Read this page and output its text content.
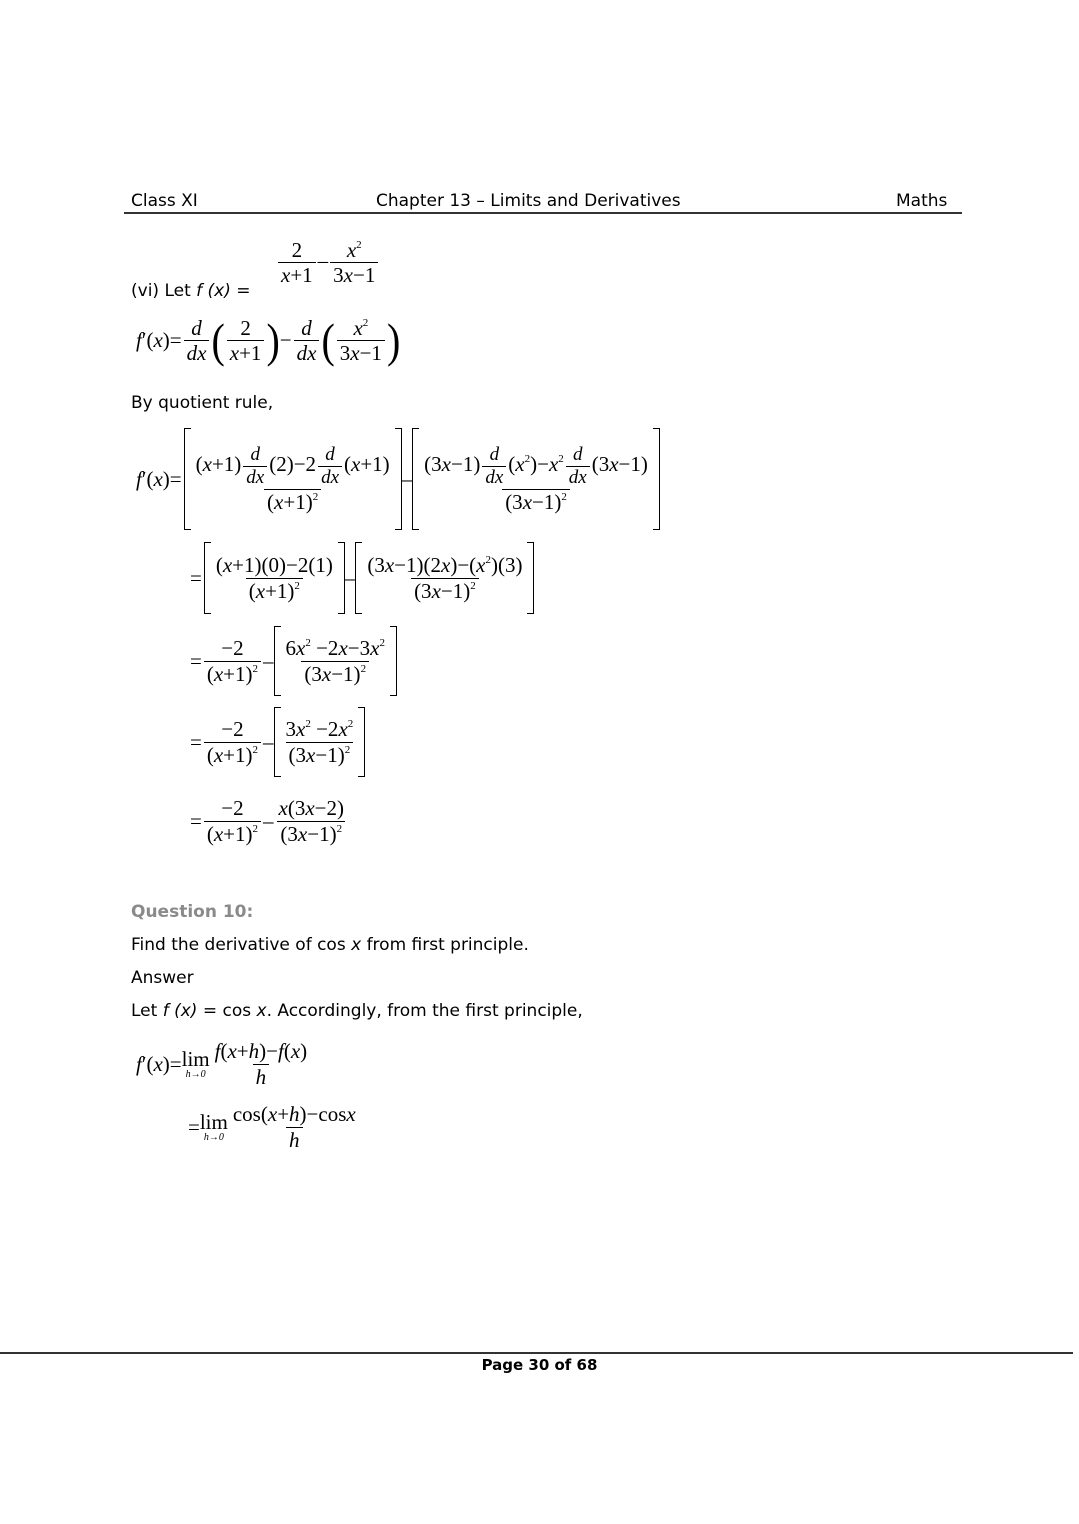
Class XI	Chapter 13 – Limits and Derivatives	Maths
(vi) Let f (x) =
$\frac{2}{x+1} - \frac{x^2}{3x-1}$
f ′( x )= $\frac{d}{dx}$ ( $\frac{2}{x+1}$ ) − $\frac{d}{dx}$ ( $\frac{x^2}{3x-1}$ )
By quotient rule,
f ′( x )= $\frac{(x+1) \frac{d}{dx} (2)-2 \frac{d}{dx} (x+1)}{(x+1)^2} - \frac{(3x-1) \frac{d}{dx} (x^2)-x^2 \frac{d}{dx} (3x-1)}{(3x-1)^2}$
= $\frac{(x+1)(0)-2(1)}{(x+1)^2} - \frac{(3x-1)(2x)-(x^2)(3)}{(3x-1)^2}$
= $\frac{-2}{(x+1)^2} - \frac{6x^2 -2x-3x^2}{(3x-1)^2}$
= $\frac{-2}{(x+1)^2} - \frac{3x^2 -2x^2}{(3x-1)^2}$
= $\frac{-2}{(x+1)^2} - \frac{x(3x-2)}{(3x-1)^2}$
Question 10:
Find the derivative of cos x from first principle.
Answer
Let f (x) = cos x. Accordingly, from the first principle,
f ′( x )= lim
$h\to 0 \frac{f(x+h)-f(x)}{h}$
= lim
$h\to 0 \frac{\cos(x+h)-\cos x}{h}$
Page 30 of 68
